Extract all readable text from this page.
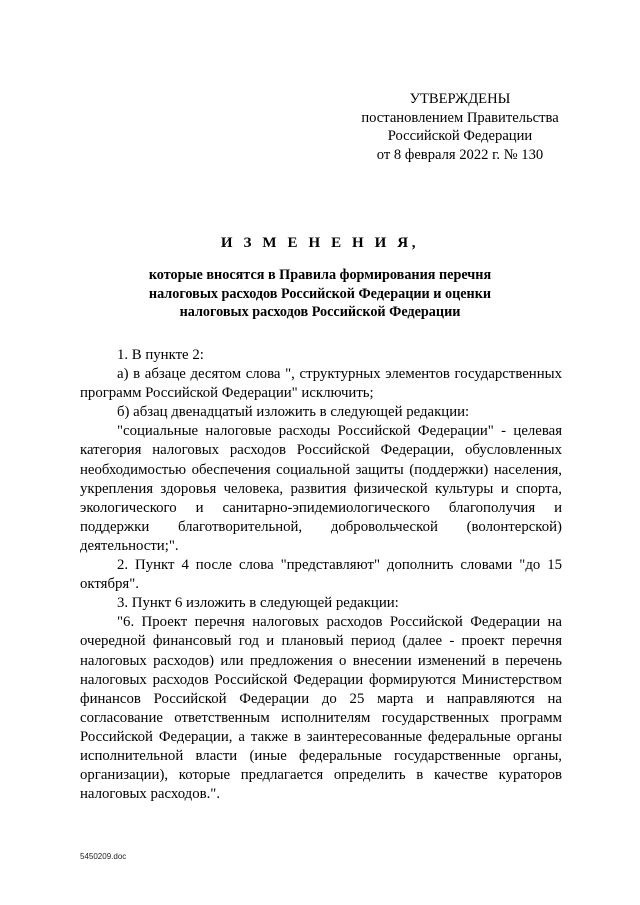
УТВЕРЖДЕНЫ
постановлением Правительства
Российской Федерации
от 8 февраля 2022 г. № 130
И З М Е Н Е Н И Я,
которые вносятся в Правила формирования перечня
налоговых расходов Российской Федерации и оценки
налоговых расходов Российской Федерации
1. В пункте 2:
а) в абзаце десятом слова ", структурных элементов государственных программ Российской Федерации" исключить;
б) абзац двенадцатый изложить в следующей редакции:
"социальные налоговые расходы Российской Федерации" - целевая категория налоговых расходов Российской Федерации, обусловленных необходимостью обеспечения социальной защиты (поддержки) населения, укрепления здоровья человека, развития физической культуры и спорта, экологического и санитарно-эпидемиологического благополучия и поддержки благотворительной, добровольческой (волонтерской) деятельности;".
2. Пункт 4 после слова "представляют" дополнить словами "до 15 октября".
3. Пункт 6 изложить в следующей редакции:
"6. Проект перечня налоговых расходов Российской Федерации на очередной финансовый год и плановый период (далее - проект перечня налоговых расходов) или предложения о внесении изменений в перечень налоговых расходов Российской Федерации формируются Министерством финансов Российской Федерации до 25 марта и направляются на согласование ответственным исполнителям государственных программ Российской Федерации, а также в заинтересованные федеральные органы исполнительной власти (иные федеральные государственные органы, организации), которые предлагается определить в качестве кураторов налоговых расходов.".
5450209.doc
